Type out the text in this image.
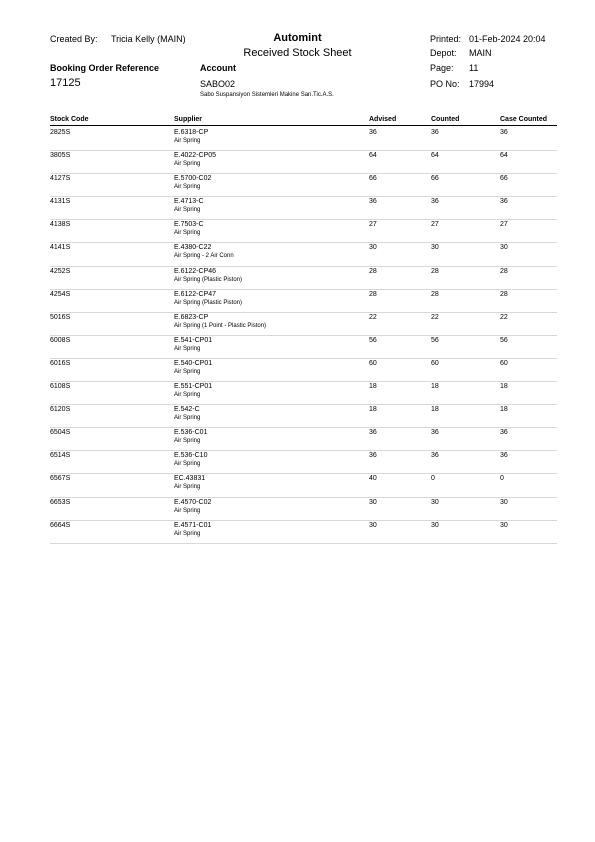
Created By: Tricia Kelly (MAIN)	Automint
Received Stock Sheet
Printed: 01-Feb-2024 20:04
Depot: MAIN
Booking Order Reference	Account	Page: 11
17125	SABO02	PO No: 17994
Sabo Suspansiyon Sistemleri Makine San.Tic.A.S.
Stock Code	Supplier	Advised	Counted	Case Counted
2825S	E.6318-CP	36	36	36
Air Spring
3805S	E.4022-CP05	64	64	64
Air Spring
4127S	E.5700-C02	66	66	66
Air Spring
4131S	E.4713-C	36	36	36
Air Spring
4138S	E.7503-C	27	27	27
Air Spring
4141S	E.4380-C22	30	30	30
Air Spring - 2 Air Conn
4252S	E.6122-CP46	28	28	28
Air Spring (Plastic Piston)
4254S	E.6122-CP47	28	28	28
Air Spring (Plastic Piston)
5016S	E.6823-CP	22	22	22
Air Spring (1 Point - Plastic Piston)
6008S	E.541-CP01	56	56	56
Air Spring
6016S	E.540-CP01	60	60	60
Air Spring
6108S	E.551-CP01	18	18	18
Air Spring
6120S	E.542-C	18	18	18
Air Spring
6504S	E.536-C01	36	36	36
Air Spring
6514S	E.536-C10	36	36	36
Air Spring
6567S	EC.43831	40	0	0
Air Spring
6653S	E.4570-C02	30	30	30
Air Spring
6664S	E.4571-C01	30	30	30
Air Spring
